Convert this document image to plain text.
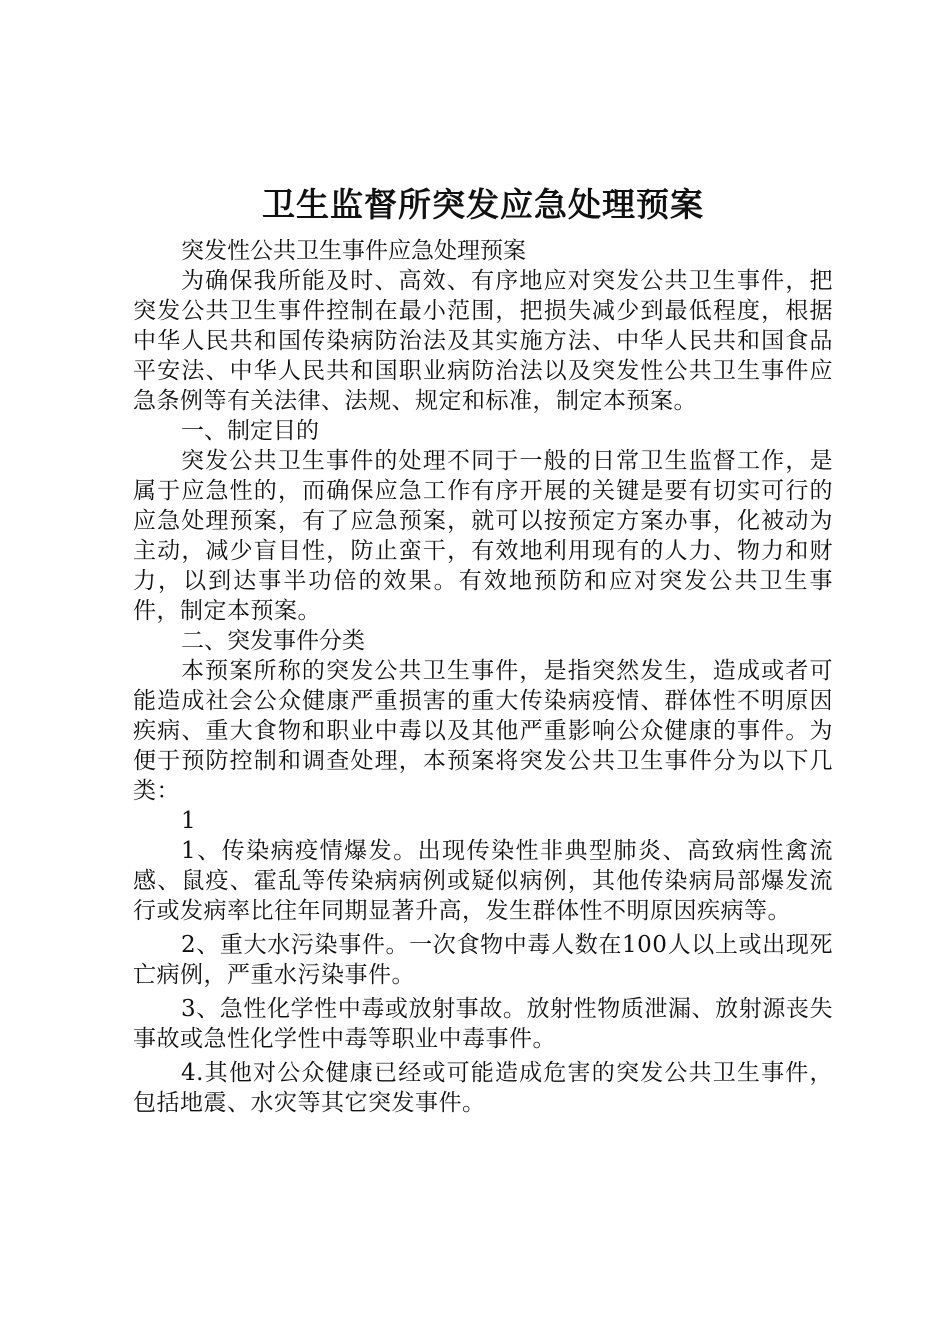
卫生监督所突发应急处理预案

突发性公共卫生事件应急处理预案

为确保我所能及时、高效、有序地应对突发公共卫生事件，把突发公共卫生事件控制在最小范围，把损失减少到最低程度，根据中华人民共和国传染病防治法及其实施方法、中华人民共和国食品平安法、中华人民共和国职业病防治法以及突发性公共卫生事件应急条例等有关法律、法规、规定和标准，制定本预案。

一、制定目的

突发公共卫生事件的处理不同于一般的日常卫生监督工作，是属于应急性的，而确保应急工作有序开展的关键是要有切实可行的应急处理预案，有了应急预案，就可以按预定方案办事，化被动为主动，减少盲目性，防止蛮干，有效地利用现有的人力、物力和财力，以到达事半功倍的效果。有效地预防和应对突发公共卫生事件，制定本预案。

二、突发事件分类

本预案所称的突发公共卫生事件，是指突然发生，造成或者可能造成社会公众健康严重损害的重大传染病疫情、群体性不明原因疾病、重大食物和职业中毒以及其他严重影响公众健康的事件。为便于预防控制和调查处理，本预案将突发公共卫生事件分为以下几类：

1

1、传染病疫情爆发。出现传染性非典型肺炎、高致病性禽流感、鼠疫、霍乱等传染病病例或疑似病例，其他传染病局部爆发流行或发病率比往年同期显著升高，发生群体性不明原因疾病等。

2、重大水污染事件。一次食物中毒人数在100人以上或出现死亡病例，严重水污染事件。

3、急性化学性中毒或放射事故。放射性物质泄漏、放射源丧失事故或急性化学性中毒等职业中毒事件。

4.其他对公众健康已经或可能造成危害的突发公共卫生事件，包括地震、水灾等其它突发事件。
